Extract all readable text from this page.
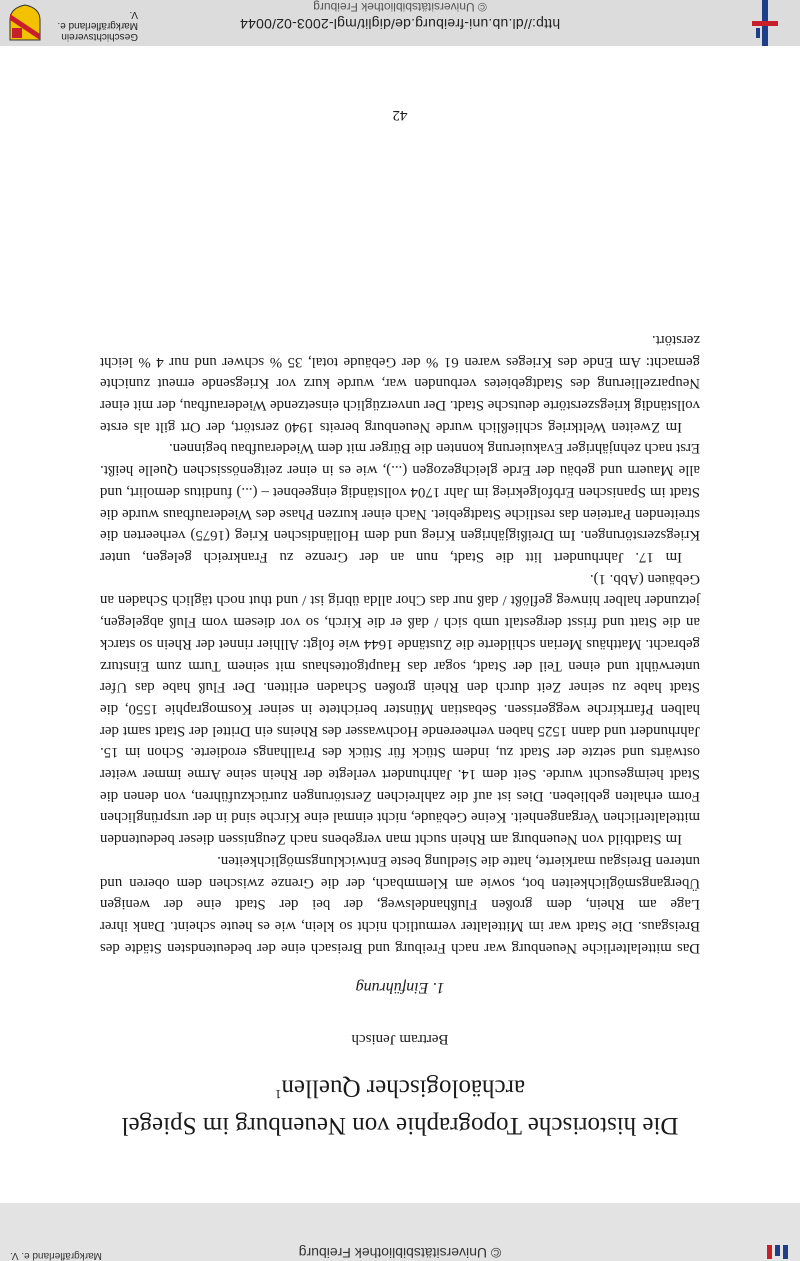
© Universitätsbibliothek Freiburg
Markgräflerland e. V.
Die historische Topographie von Neuenburg im Spiegel archäologischer Quellen$^1$
Bertram Jenisch
1. Einführung

Das mittelalterliche Neuenburg war nach Freiburg und Breisach eine der bedeutendsten Städte des Breisgaus. Die Stadt war im Mittelalter vermutlich nicht so klein, wie es heute scheint. Dank ihrer Lage am Rhein, dem großen Flußhandelsweg, der bei der Stadt eine der wenigen Übergangsmöglichkeiten bot, sowie am Klemmbach, der die Grenze zwischen dem oberen und unteren Breisgau markierte, hatte die Siedlung beste Entwicklungsmöglichkeiten.

Im Stadtbild von Neuenburg am Rhein sucht man vergebens nach Zeugnissen dieser bedeutenden mittelalterlichen Vergangenheit. Keine Gebäude, nicht einmal eine Kirche sind in der ursprünglichen Form erhalten geblieben. Dies ist auf die zahlreichen Zerstörungen zurückzuführen, von denen die Stadt heimgesucht wurde. Seit dem 14. Jahrhundert verlegte der Rhein seine Arme immer weiter ostwärts und setzte der Stadt zu, indem Stück für Stück des Prallhangs erodierte. Schon im 15. Jahrhundert und dann 1525 haben verheerende Hochwasser des Rheins ein Drittel der Stadt samt der halben Pfarrkirche weggerissen. Sebastian Münster berichtete in seiner Kosmographie 1550, die Stadt habe zu seiner Zeit durch den Rhein großen Schaden erlitten. Der Fluß habe das Ufer unterwühlt und einen Teil der Stadt, sogar das Hauptgotteshaus mit seinem Turm zum Einsturz gebracht. Matthäus Merian schilderte die Zustände 1644 wie folgt: Allhier rinnet der Rhein so starck an die Statt und frisst dergestalt umb sich / daß er die Kirch, so vor diesem vom Fluß abgelegen, jetzunder halber hinweg geflößt / daß nur das Chor allda übrig ist / und thut noch täglich Schaden an Gebäuen (Abb. 1).

Im 17. Jahrhundert litt die Stadt, nun an der Grenze zu Frankreich gelegen, unter Kriegszerstörungen. Im Dreißigjährigen Krieg und dem Holländischen Krieg (1675) verheerten die streitenden Parteien das restliche Stadtgebiet. Nach einer kurzen Phase des Wiederaufbaus wurde die Stadt im Spanischen Erbfolgekrieg im Jahr 1704 vollständig eingeebnet – (...) funditus demolirt, und alle Mauern und gebäu der Erde gleichgezogen (...), wie es in einer zeitgenössischen Quelle heißt. Erst nach zehnjähriger Evakuierung konnten die Bürger mit dem Wiederaufbau beginnen.

Im Zweiten Weltkrieg schließlich wurde Neuenburg bereits 1940 zerstört, der Ort gilt als erste vollständig kriegszerstörte deutsche Stadt. Der unverzüglich einsetzende Wiederaufbau, der mit einer Neuparzellierung des Stadtgebietes verbunden war, wurde kurz vor Kriegsende erneut zunichte gemacht: Am Ende des Krieges waren 61 % der Gebäude total, 35 % schwer und nur 4 % leicht zerstört.

42
http://dl.ub.uni-freiburg.de/diglit/mgl-2003-02/0044
© Universitätsbibliothek Freiburg
Geschichtsverein
Markgräflerland e. V.
